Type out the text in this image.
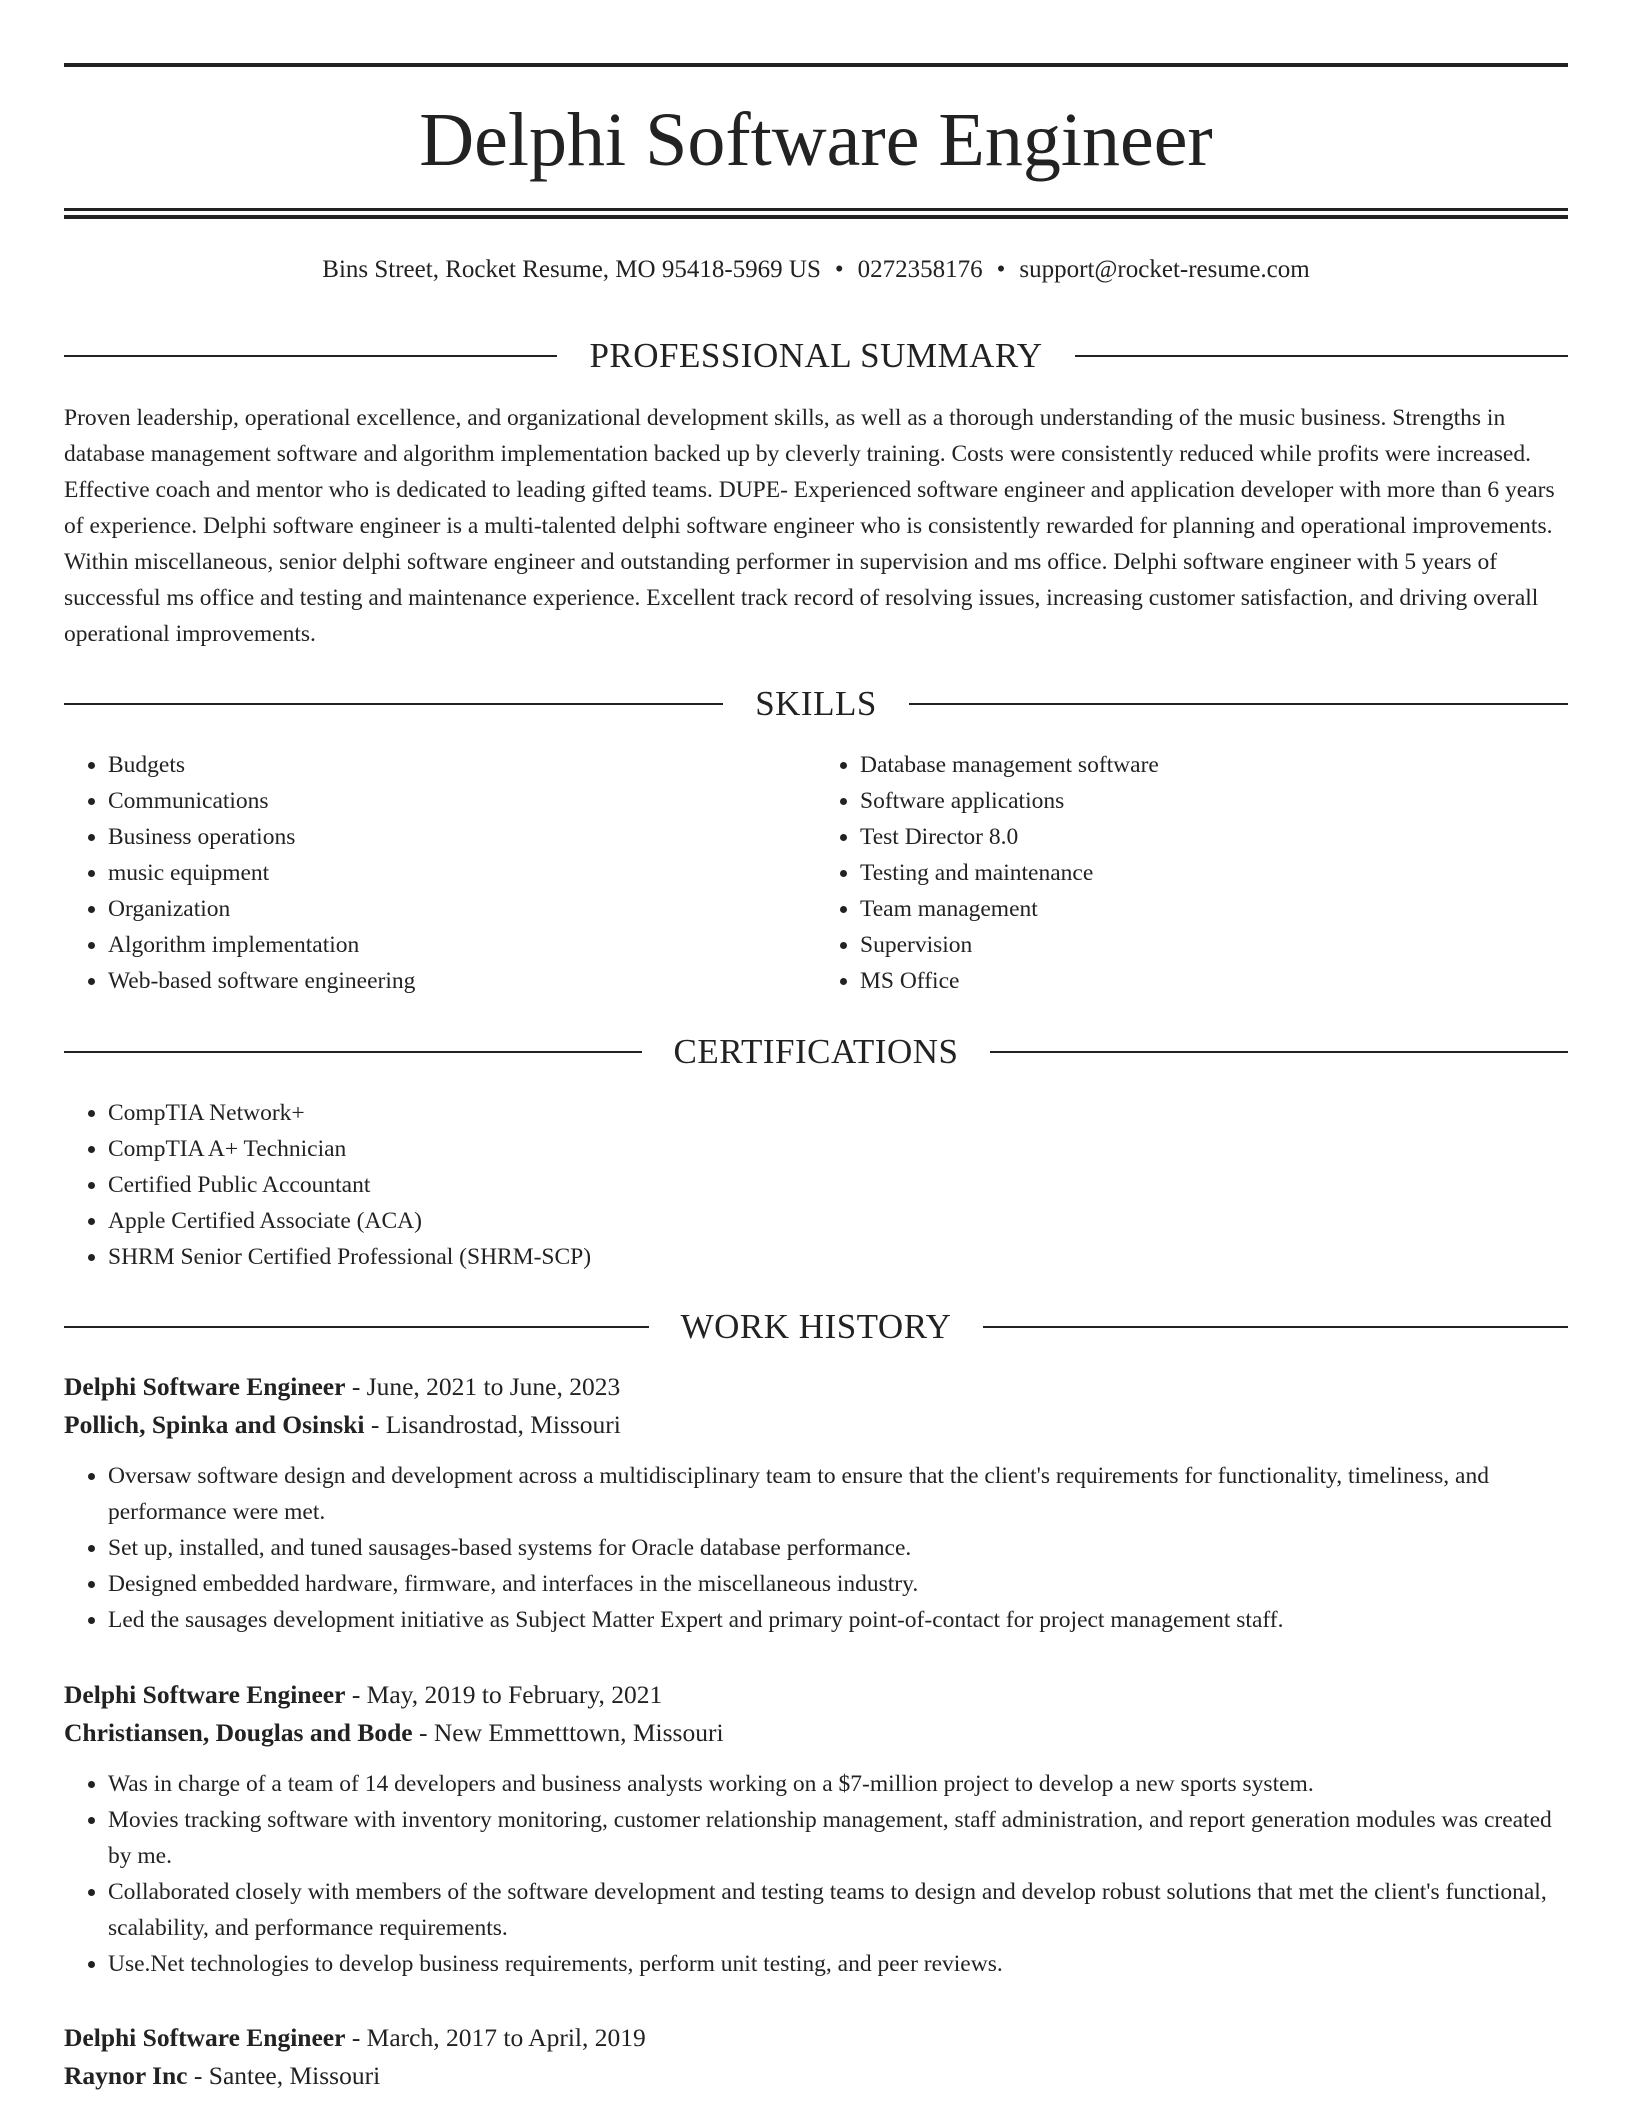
Delphi Software Engineer
Bins Street, Rocket Resume, MO 95418-5969 US • 0272358176 • support@rocket-resume.com
PROFESSIONAL SUMMARY

Proven leadership, operational excellence, and organizational development skills, as well as a thorough understanding of the music business. Strengths in database management software and algorithm implementation backed up by cleverly training. Costs were consistently reduced while profits were increased. Effective coach and mentor who is dedicated to leading gifted teams. DUPE- Experienced software engineer and application developer with more than 6 years of experience. Delphi software engineer is a multi-talented delphi software engineer who is consistently rewarded for planning and operational improvements. Within miscellaneous, senior delphi software engineer and outstanding performer in supervision and ms office. Delphi software engineer with 5 years of successful ms office and testing and maintenance experience. Excellent track record of resolving issues, increasing customer satisfaction, and driving overall operational improvements.

SKILLS
• Budgets
• Communications
• Business operations
• music equipment
• Organization
• Algorithm implementation
• Web-based software engineering
• Database management software
• Software applications
• Test Director 8.0
• Testing and maintenance
• Team management
• Supervision
• MS Office
CERTIFICATIONS
• CompTIA Network+
• CompTIA A+ Technician
• Certified Public Accountant
• Apple Certified Associate (ACA)
• SHRM Senior Certified Professional (SHRM-SCP)
WORK HISTORY
Delphi Software Engineer - June, 2021 to June, 2023
Pollich, Spinka and Osinski - Lisandrostad, Missouri
• Oversaw software design and development across a multidisciplinary team to ensure that the client's requirements for functionality, timeliness, and performance were met.
• Set up, installed, and tuned sausages-based systems for Oracle database performance.
• Designed embedded hardware, firmware, and interfaces in the miscellaneous industry.
• Led the sausages development initiative as Subject Matter Expert and primary point-of-contact for project management staff.
Delphi Software Engineer - May, 2019 to February, 2021
Christiansen, Douglas and Bode - New Emmetttown, Missouri
• Was in charge of a team of 14 developers and business analysts working on a $7-million project to develop a new sports system.
• Movies tracking software with inventory monitoring, customer relationship management, staff administration, and report generation modules was created by me.
• Collaborated closely with members of the software development and testing teams to design and develop robust solutions that met the client's functional, scalability, and performance requirements.
• Use.Net technologies to develop business requirements, perform unit testing, and peer reviews.
Delphi Software Engineer - March, 2017 to April, 2019
Raynor Inc - Santee, Missouri
